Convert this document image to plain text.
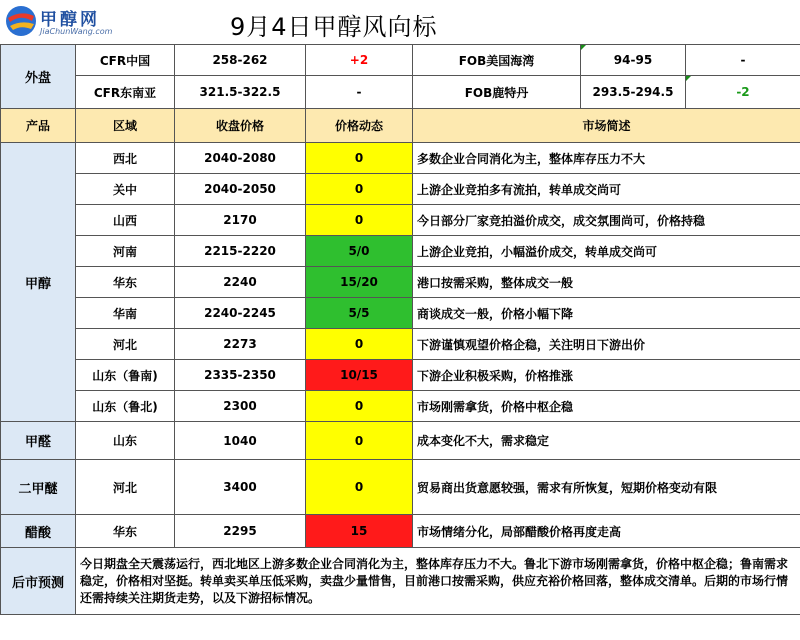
甲醇网
JiaChunWang.com	9月4日甲醇风向标
外盘	CFR中国	258-262	+2	FOB美国海湾	94-95	-
	CFR东南亚	321.5-322.5	-	FOB鹿特丹	293.5-294.5	-2
产品	区域	收盘价格	价格动态	市场简述		
甲醇	西北	2040-2080	0	多数企业合同消化为主，整体库存压力不大		
	关中	2040-2050	0	上游企业竞拍多有流拍，转单成交尚可		
	山西	2170	0	今日部分厂家竞拍溢价成交，成交氛围尚可，价格持稳		
	河南	2215-2220	5/0	上游企业竞拍，小幅溢价成交，转单成交尚可		
	华东	2240	15/20	港口按需采购，整体成交一般		
	华南	2240-2245	5/5	商谈成交一般，价格小幅下降		
	河北	2273	0	下游谨慎观望价格企稳，关注明日下游出价		
	山东（鲁南)	2335-2350	10/15	下游企业积极采购，价格推涨		
	山东（鲁北)	2300	0	市场刚需拿货，价格中枢企稳		
甲醛	山东	1040	0	成本变化不大，需求稳定		
二甲醚	河北	3400	0	贸易商出货意愿较强，需求有所恢复，短期价格变动有限		
醋酸	华东	2295	15	市场情绪分化，局部醋酸价格再度走高		
后市预测	今日期盘全天震荡运行，西北地区上游多数企业合同消化为主，整体库存压力不大。鲁北下游市场刚需拿货，价格中枢企稳；鲁南需求稳定，价格相对坚挺。转单卖买单压低采购，卖盘少量惜售，目前港口按需采购，供应充裕价格回落，整体成交清单。后期的市场行情还需持续关注期货走势，以及下游招标情况。					
